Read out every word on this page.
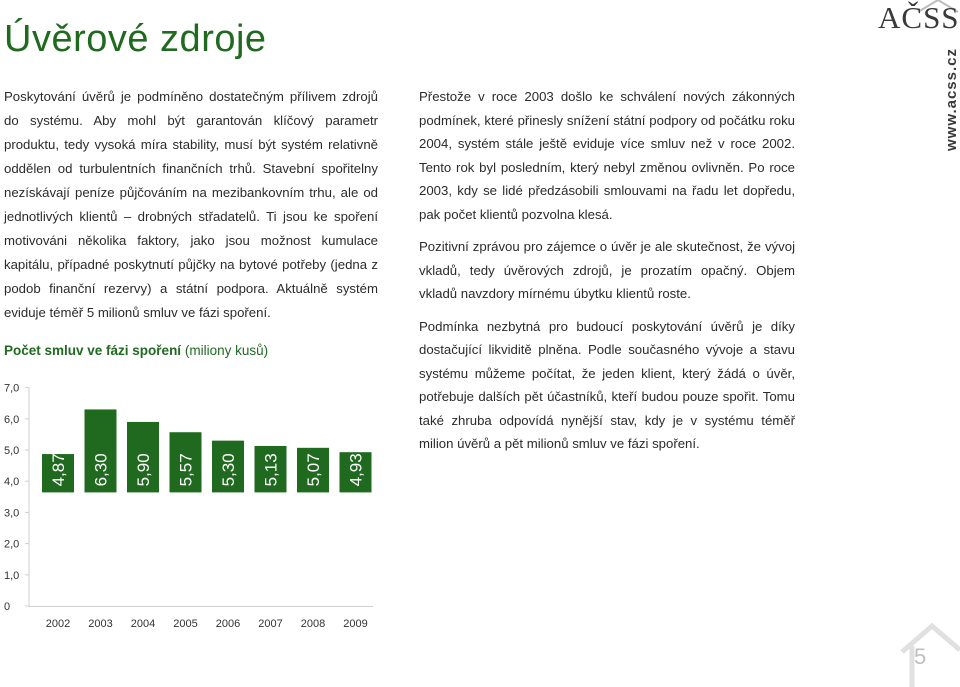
Úvěrové zdroje
AČSS
www.acss.cz

Poskytování úvěrů je podmíněno dostatečným přílivem zdrojů do systému. Aby mohl být garantován klíčový parametr produktu, tedy vysoká míra stability, musí být systém relativně oddělen od turbulentních finančních trhů. Stavební spořitelny nezískávají peníze půjčováním na mezibankovním trhu, ale od jednotlivých klientů – drobných střadatelů. Ti jsou ke spoření motivováni několika faktory, jako jsou možnost kumulace kapitálu, případné poskytnutí půjčky na bytové potřeby (jedna z podob finanční rezervy) a státní podpora. Aktuálně systém eviduje téměř 5 milionů smluv ve fázi spoření.

Přestože v roce 2003 došlo ke schválení nových zákonných podmínek, které přinesly snížení státní podpory od počátku roku 2004, systém stále ještě eviduje více smluv než v roce 2002. Tento rok byl posledním, který nebyl změnou ovlivněn. Po roce 2003, kdy se lidé předzásobili smlouvami na řadu let dopředu, pak počet klientů pozvolna klesá.

Pozitivní zprávou pro zájemce o úvěr je ale skutečnost, že vývoj vkladů, tedy úvěrových zdrojů, je prozatím opačný. Objem vkladů navzdory mírnému úbytku klientů roste.

Podmínka nezbytná pro budoucí poskytování úvěrů je díky dostačující likviditě plněna. Podle současného vývoje a stavu systému můžeme počítat, že jeden klient, který žádá o úvěr, potřebuje dalších pět účastníků, kteří budou pouze spořit. Tomu také zhruba odpovídá nynější stav, kdy je v systému téměř milion úvěrů a pět milionů smluv ve fázi spoření.

Počet smluv ve fázi spoření (miliony kusů)

0
1,0
2,0
3,0
4,0
5,0
6,0
7,0
4,87
2002
6,30
2003
5,90
2004
5,57
2005
5,30
2006
5,13
2007
5,07
2008
4,93
2009
5
